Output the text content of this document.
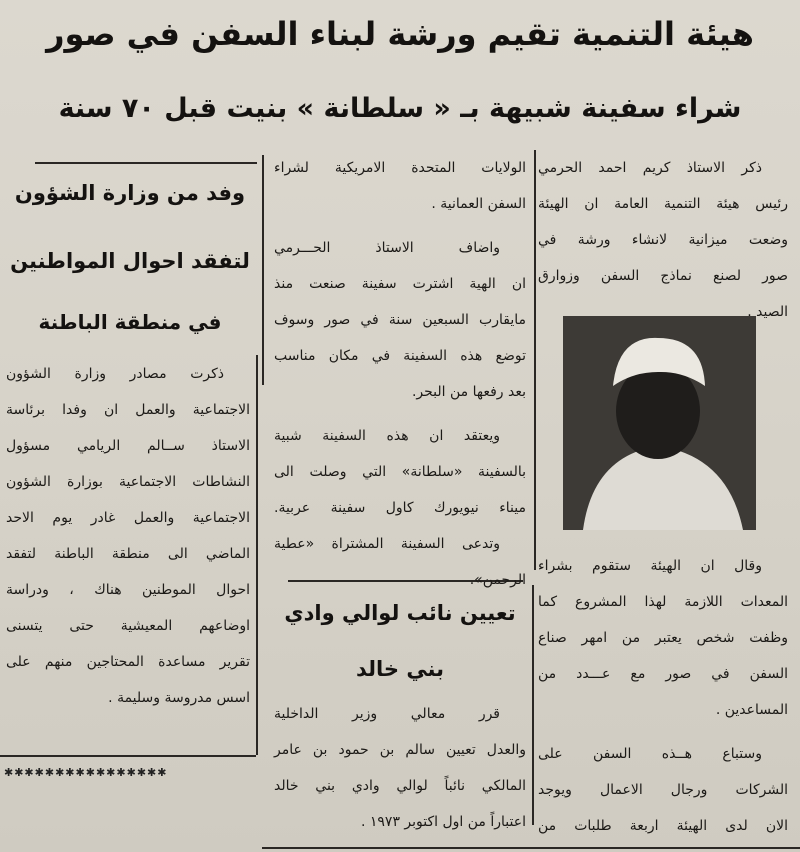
هيئة التنمية تقيم ورشة لبناء السفن في صور
شراء سفينة شبيهة بـ « سلطانة » بنيت قبل ٧٠ سنة
وفد من وزارة الشؤون
لتفقد احوال المواطنين
في منطقة الباطنة
تعيين نائب لوالي وادي
بني خالد
✱✱✱✱✱✱✱✱✱✱✱✱✱✱✱✱
ذكر الاستاذ كريم احمد الحرمي
رئيس هيئة التنمية العامة ان الهيئة
وضعت ميزانية لانشاء ورشة في
صور لصنع نماذج السفن وزوارق
الصيد .
وقال ان الهيئة ستقوم بشراء
المعدات اللازمة لهذا المشروع كما
وظفت شخص يعتبر من امهر صناع
السفن في صور مع عـــدد من
المساعدين .
وستباع هــذه السفن على
الشركات ورجال الاعمال ويوجد
الان لدى الهيئة اربعة طلبات من
الولايات المتحدة الامريكية لشراء
السفن العمانية .
واضاف الاستاذ الحـــرمي
ان الهية اشترت سفينة صنعت منذ
مايقارب السبعين سنة في صور وسوف
توضع هذه السفينة في مكان مناسب
بعد رفعها من البحر.
ويعتقد ان هذه السفينة شبية
بالسفينة «سلطانة» التي وصلت الى
ميناء نيويورك كاول سفينة عربية.
وتدعى السفينة المشتراة «عطية
الرحمن».
قرر معالي وزير الداخلية
والعدل تعيين سالم بن حمود بن عامر
المالكي نائباً لوالي وادي بني خالد
اعتباراً من اول اكتوبر ١٩٧٣ .
ذكرت مصادر وزارة الشؤون
الاجتماعية والعمل ان وفدا برئاسة
الاستاذ ســالم الريامي مسؤول
النشاطات الاجتماعية بوزارة الشؤون
الاجتماعية والعمل غادر يوم الاحد
الماضي الى منطقة الباطنة لتفقد
احوال الموطنين هناك ، ودراسة
اوضاعهم المعيشية حتى يتسنى
تقرير مساعدة المحتاجين منهم على
اسس مدروسة وسليمة .
